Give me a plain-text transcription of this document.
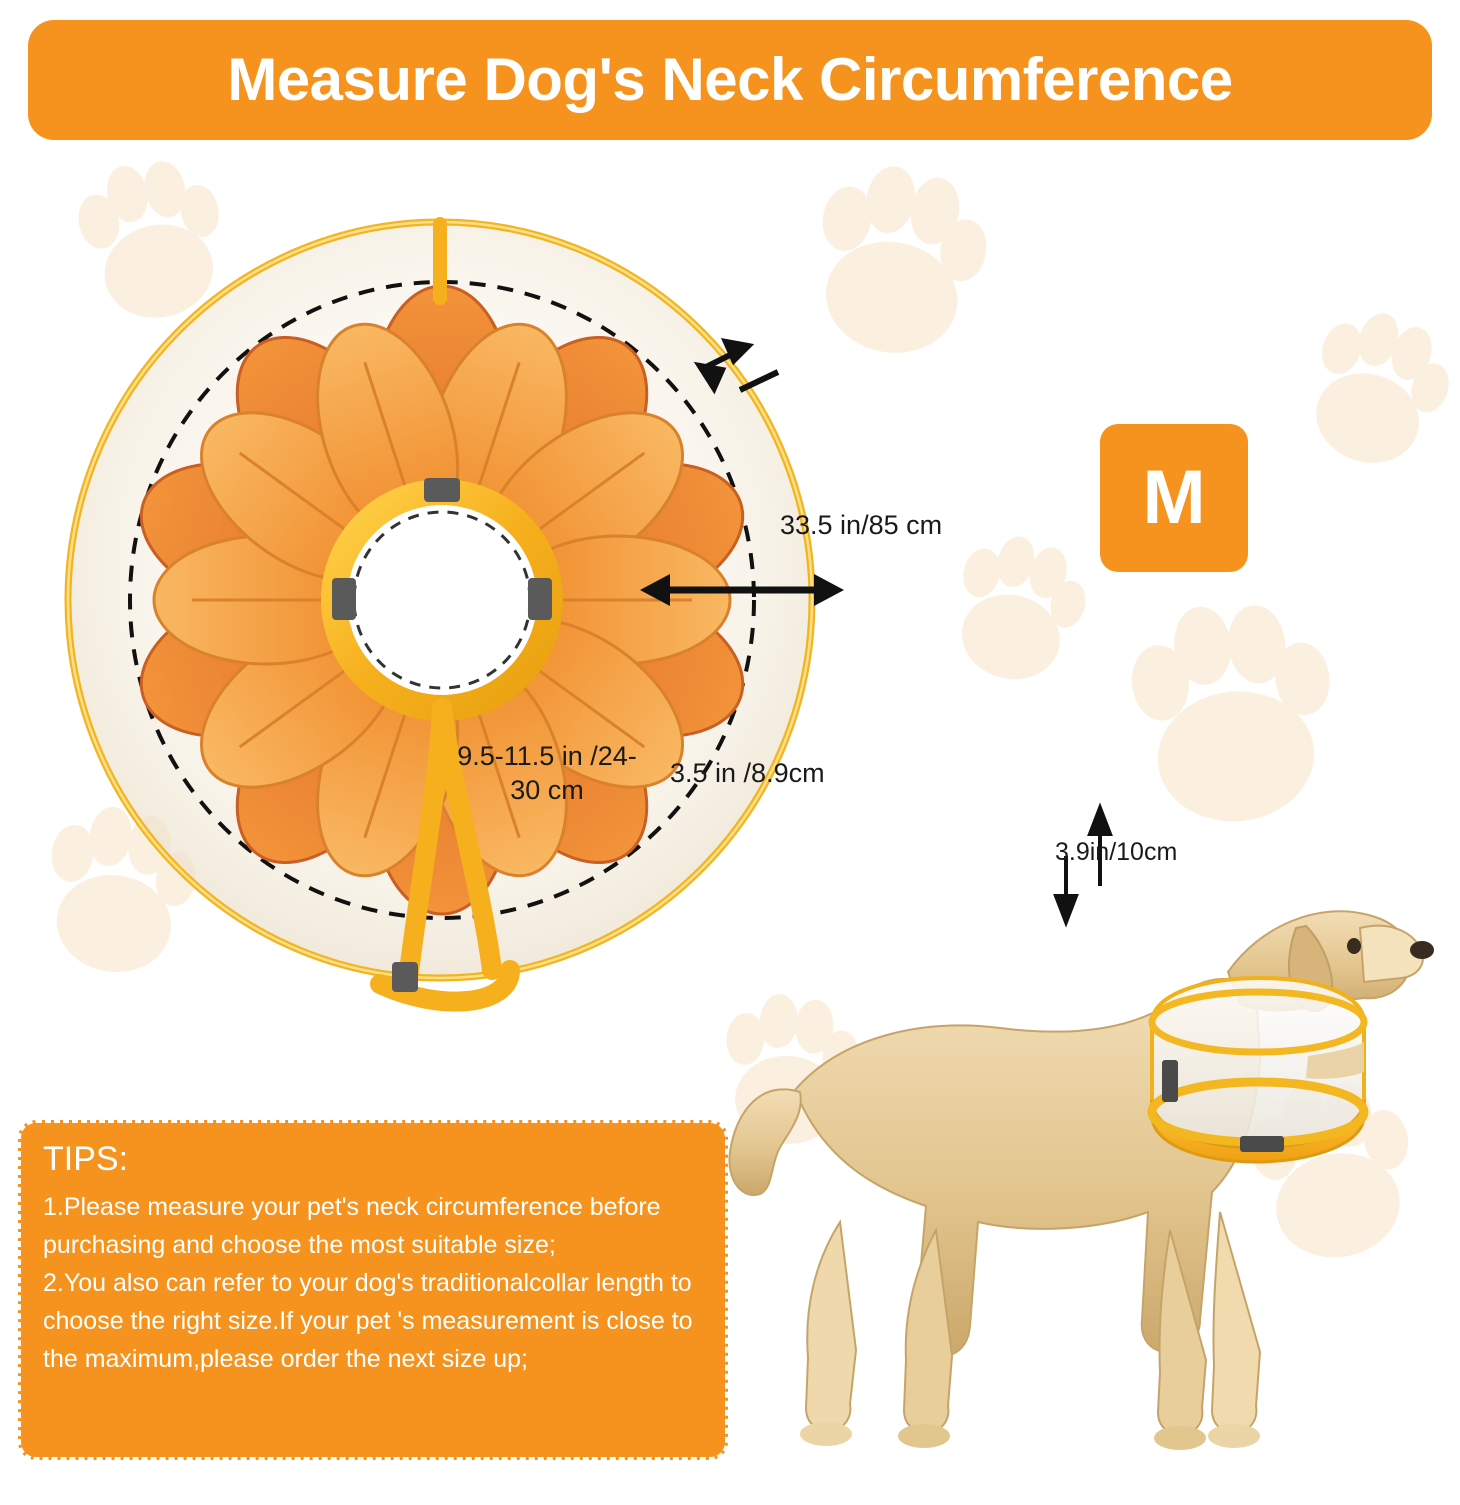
Measure Dog's Neck Circumference
33.5 in/85 cm
3.5 in /8.9cm
9.5-11.5 in /24-30 cm
M
3.9in/10cm
TIPS:
1.Please measure your pet's neck circumference before
purchasing and choose the most suitable size;
2.You also can refer to your dog's traditionalcollar length to
choose the right size.If your pet 's measurement is close to
the maximum,please order the next size up;
